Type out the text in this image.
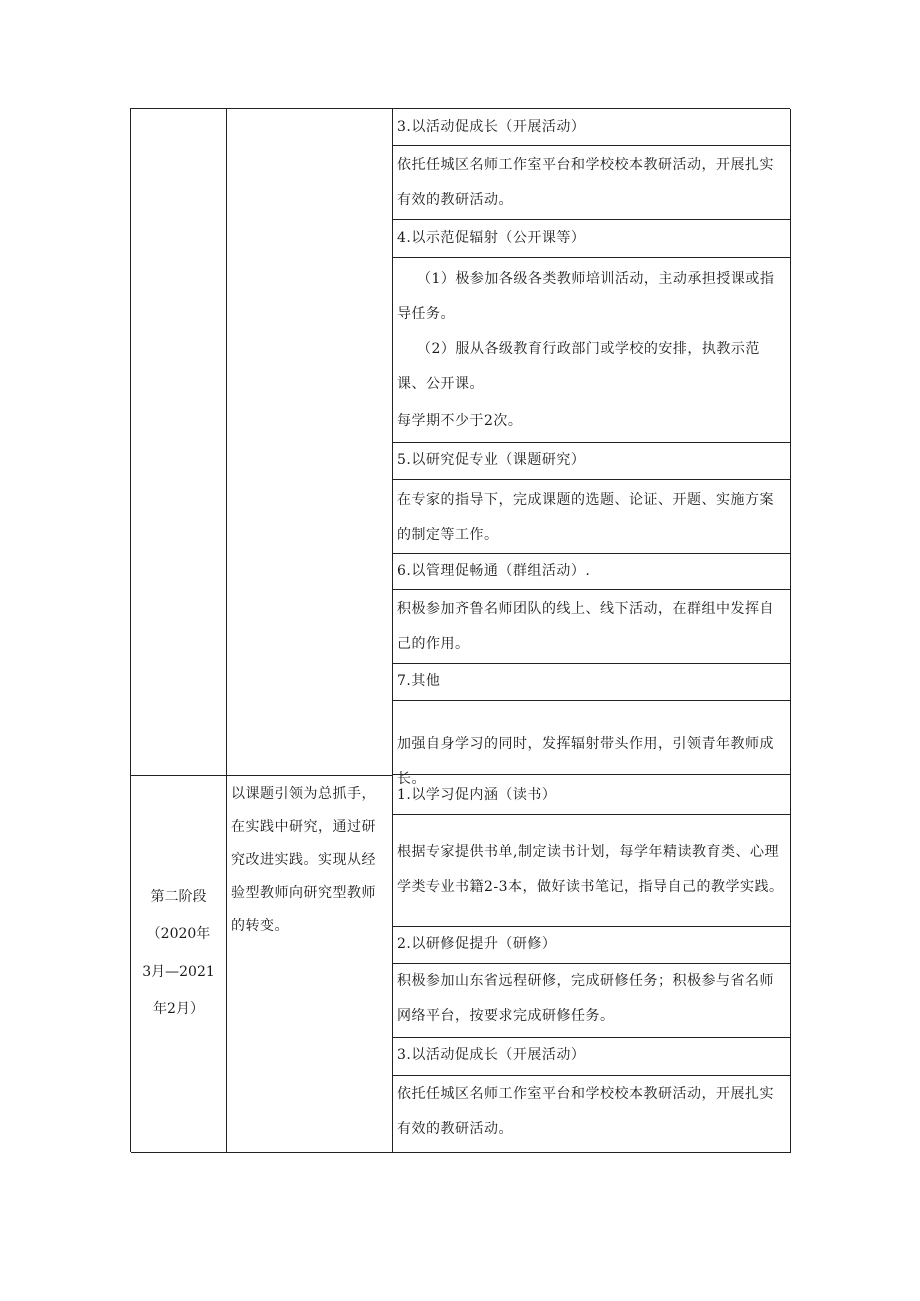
3.以活动促成长（开展活动）
依托任城区名师工作室平台和学校校本教研活动，开展扎实有效的教研活动。
4.以示范促辐射（公开课等）
（1）极参加各级各类教师培训活动，主动承担授课或指导任务。
（2）服从各级教育行政部门或学校的安排，执教示范课、公开课。
每学期不少于2次。
5.以研究促专业（课题研究）
在专家的指导下，完成课题的选题、论证、开题、实施方案的制定等工作。
6.以管理促畅通（群组活动）.
积极参加齐鲁名师团队的线上、线下活动，在群组中发挥自己的作用。
7.其他
加强自身学习的同时，发挥辐射带头作用，引领青年教师成长。
第二阶段
（2020年
3月—2021
年2月）
以课题引领为总抓手，在实践中研究，通过研究改进实践。实现从经验型教师向研究型教师的转变。
1.以学习促内涵（读书）
根据专家提供书单,制定读书计划，每学年精读教育类、心理学类专业书籍2-3本，做好读书笔记，指导自己的教学实践。
2.以研修促提升（研修）
积极参加山东省远程研修，完成研修任务；积极参与省名师网络平台，按要求完成研修任务。
3.以活动促成长（开展活动）
依托任城区名师工作室平台和学校校本教研活动，开展扎实有效的教研活动。
